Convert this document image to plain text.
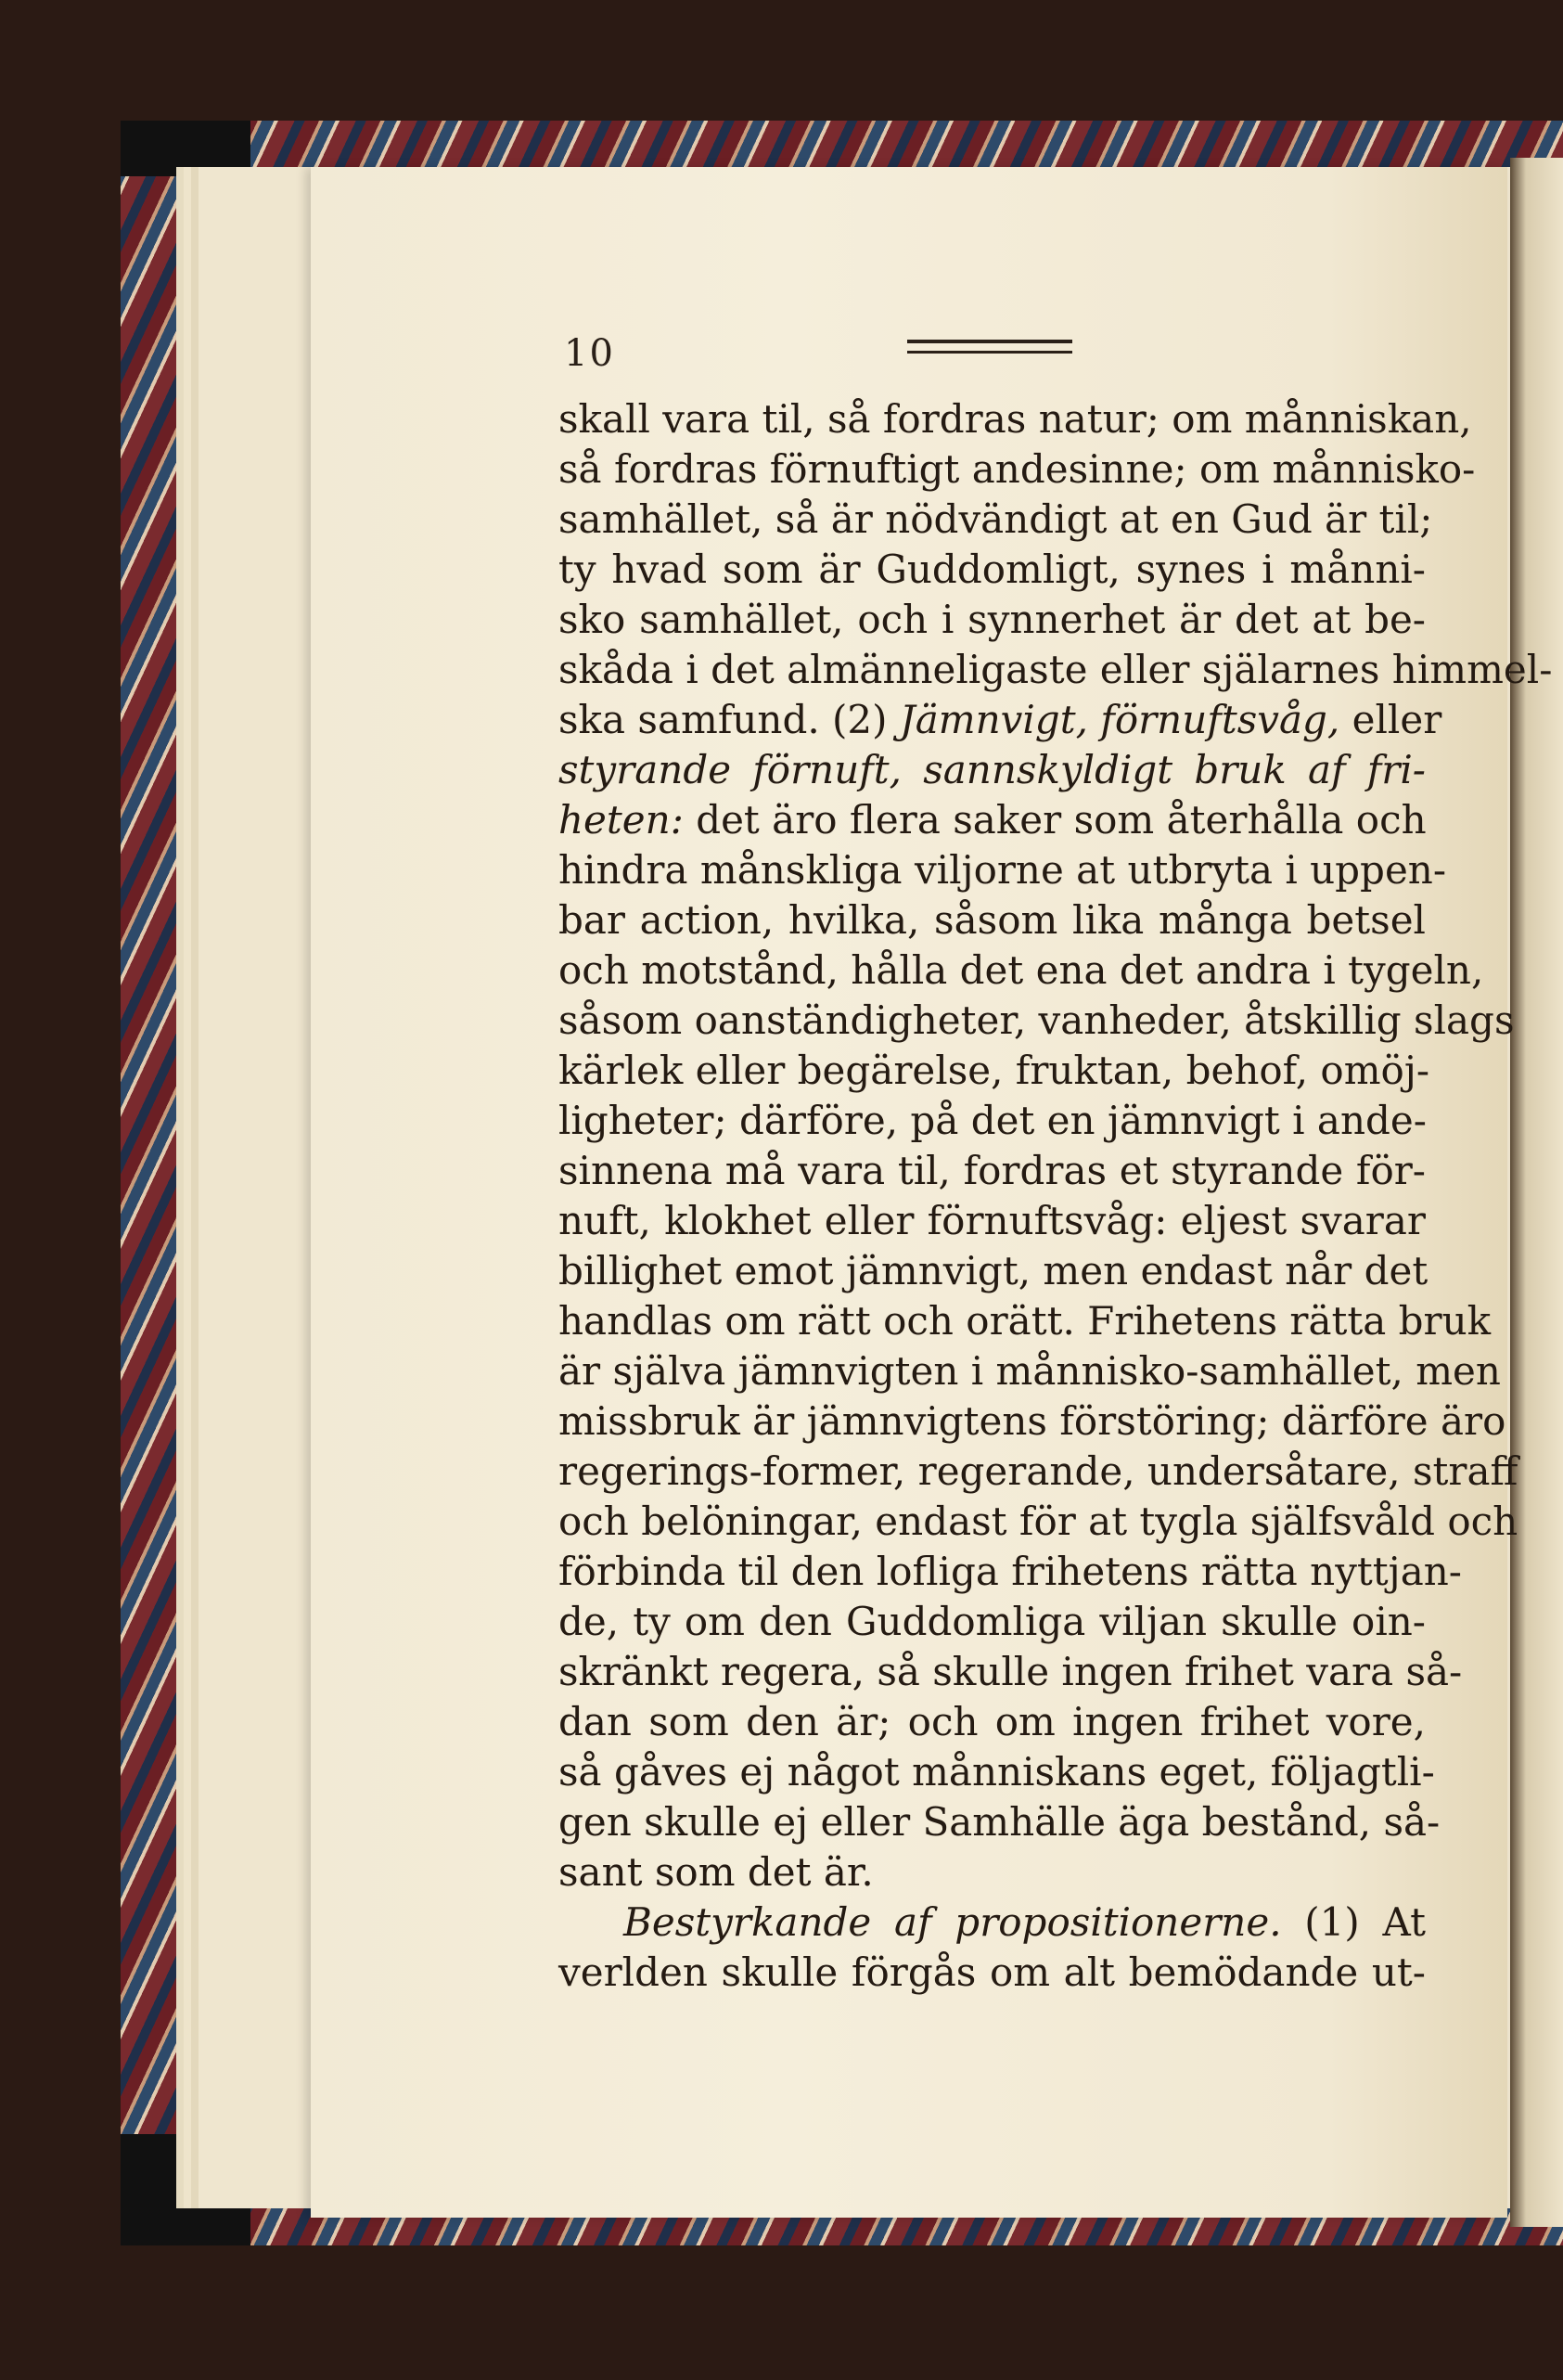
10
skall vara til, så fordras natur; om månniskan,
så fordras förnuftigt andesinne; om månnisko-
samhället, så är nödvändigt at en Gud är til;
ty hvad som är Guddomligt, synes i månni-
sko samhället, och i synnerhet är det at be-
skåda i det almänneligaste eller själarnes himmel-
ska samfund. (2) Jämnvigt, förnuftsvåg, eller
styrande förnuft, sannskyldigt bruk af fri-
heten: det äro flera saker som återhålla och
hindra månskliga viljorne at utbryta i uppen-
bar action, hvilka, såsom lika många betsel
och motstånd, hålla det ena det andra i tygeln,
såsom oanständigheter, vanheder, åtskillig slags
kärlek eller begärelse, fruktan, behof, omöj-
ligheter; därföre, på det en jämnvigt i ande-
sinnena må vara til, fordras et styrande för-
nuft, klokhet eller förnuftsvåg: eljest svarar
billighet emot jämnvigt, men endast når det
handlas om rätt och orätt. Frihetens rätta bruk
är själva jämnvigten i månnisko-samhället, men
missbruk är jämnvigtens förstöring; därföre äro
regerings-former, regerande, undersåtare, straff
och belöningar, endast för at tygla själfsvåld och
förbinda til den lofliga frihetens rätta nyttjan-
de, ty om den Guddomliga viljan skulle oin-
skränkt regera, så skulle ingen frihet vara så-
dan som den är; och om ingen frihet vore,
så gåves ej något månniskans eget, följagtli-
gen skulle ej eller Samhälle äga bestånd, så-
sant som det är.
Bestyrkande af propositionerne. (1) At
verlden skulle förgås om alt bemödande ut-
